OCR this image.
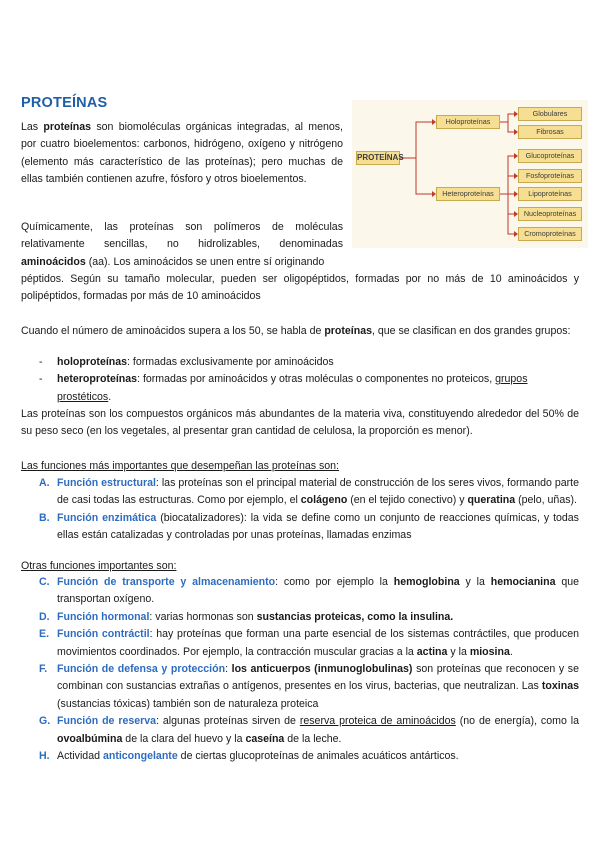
PROTEÍNAS

Las proteínas son biomoléculas orgánicas integradas, al menos, por cuatro bioelementos: carbonos, hidrógeno, oxígeno y nitrógeno (elemento más característico de las proteínas); pero muchas de ellas también contienen azufre, fósforo y otros bioelementos.

PROTEÍNAS
Holoproteínas
Heteroproteínas
Globulares
Fibrosas
Glucoproteínas
Fosfoproteínas
Lipoproteínas
Nucleoproteínas
Cromoproteínas

Químicamente, las proteínas son polímeros de moléculas relativamente sencillas, no hidrolizables, denominadas aminoácidos (aa). Los aminoácidos se unen entre sí originando

péptidos. Según su tamaño molecular, pueden ser oligopéptidos, formadas por no más de 10 aminoácidos y polipéptidos, formadas por más de 10 aminoácidos

Cuando el número de aminoácidos supera a los 50, se habla de proteínas, que se clasifican en dos grandes grupos:

- holoproteínas: formadas exclusivamente por aminoácidos
- heteroproteínas: formadas por aminoácidos y otras moléculas o componentes no proteicos, grupos prostéticos.

Las proteínas son los compuestos orgánicos más abundantes de la materia viva, constituyendo alrededor del 50% de su peso seco (en los vegetales, al presentar gran cantidad de celulosa, la proporción es menor).

Las funciones más importantes que desempeñan las proteínas son:

A. Función estructural: las proteínas son el principal material de construcción de los seres vivos, formando parte de casi todas las estructuras. Como por ejemplo, el colágeno (en el tejido conectivo) y queratina (pelo, uñas).
B. Función enzimática (biocatalizadores): la vida se define como un conjunto de reacciones químicas, y todas ellas están catalizadas y controladas por unas proteínas, llamadas enzimas

Otras funciones importantes son:

C. Función de transporte y almacenamiento: como por ejemplo la hemoglobina y la hemocianina que transportan oxígeno.
D. Función hormonal: varias hormonas son sustancias proteicas, como la insulina.
E. Función contráctil: hay proteínas que forman una parte esencial de los sistemas contráctiles, que producen movimientos coordinados. Por ejemplo, la contracción muscular gracias a la actina y la miosina.
F. Función de defensa y protección: los anticuerpos (inmunoglobulinas) son proteínas que reconocen y se combinan con sustancias extrañas o antígenos, presentes en los virus, bacterias, que neutralizan. Las toxinas (sustancias tóxicas) también son de naturaleza proteica
G. Función de reserva: algunas proteínas sirven de reserva proteica de aminoácidos (no de energía), como la ovoalbúmina de la clara del huevo y la caseína de la leche.
H. Actividad anticongelante de ciertas glucoproteínas de animales acuáticos antárticos.
